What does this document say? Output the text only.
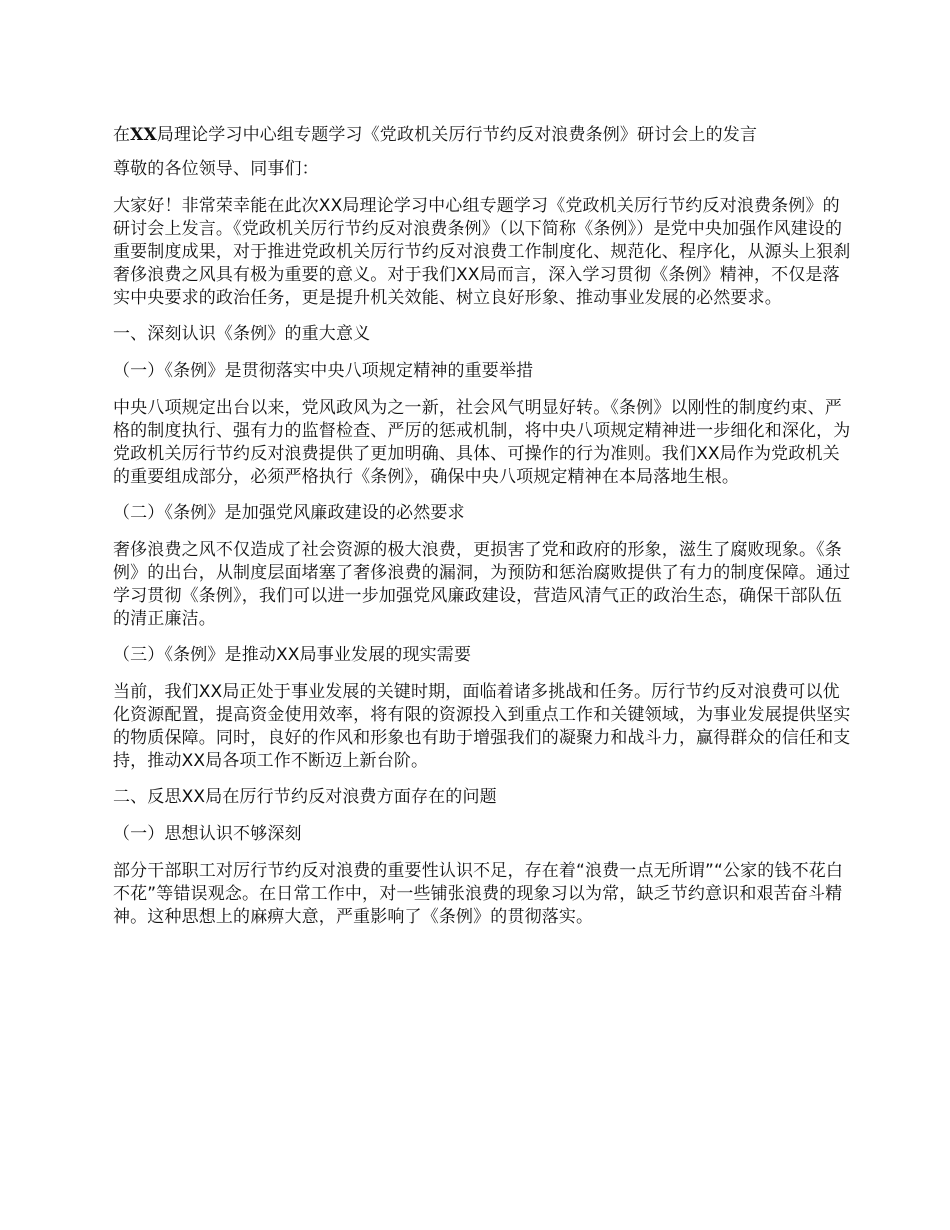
在XX局理论学习中心组专题学习《党政机关厉行节约反对浪费条例》研讨会上的发言

尊敬的各位领导、同事们：

大家好！非常荣幸能在此次XX局理论学习中心组专题学习《党政机关厉行节约反对浪费条例》的研讨会上发言。《党政机关厉行节约反对浪费条例》（以下简称《条例》）是党中央加强作风建设的重要制度成果，对于推进党政机关厉行节约反对浪费工作制度化、规范化、程序化，从源头上狠刹奢侈浪费之风具有极为重要的意义。对于我们XX局而言，深入学习贯彻《条例》精神，不仅是落实中央要求的政治任务，更是提升机关效能、树立良好形象、推动事业发展的必然要求。

一、深刻认识《条例》的重大意义

（一）《条例》是贯彻落实中央八项规定精神的重要举措

中央八项规定出台以来，党风政风为之一新，社会风气明显好转。《条例》以刚性的制度约束、严格的制度执行、强有力的监督检查、严厉的惩戒机制，将中央八项规定精神进一步细化和深化，为党政机关厉行节约反对浪费提供了更加明确、具体、可操作的行为准则。我们XX局作为党政机关的重要组成部分，必须严格执行《条例》，确保中央八项规定精神在本局落地生根。

（二）《条例》是加强党风廉政建设的必然要求

奢侈浪费之风不仅造成了社会资源的极大浪费，更损害了党和政府的形象，滋生了腐败现象。《条例》的出台，从制度层面堵塞了奢侈浪费的漏洞，为预防和惩治腐败提供了有力的制度保障。通过学习贯彻《条例》，我们可以进一步加强党风廉政建设，营造风清气正的政治生态，确保干部队伍的清正廉洁。

（三）《条例》是推动XX局事业发展的现实需要

当前，我们XX局正处于事业发展的关键时期，面临着诸多挑战和任务。厉行节约反对浪费可以优化资源配置，提高资金使用效率，将有限的资源投入到重点工作和关键领域，为事业发展提供坚实的物质保障。同时，良好的作风和形象也有助于增强我们的凝聚力和战斗力，赢得群众的信任和支持，推动XX局各项工作不断迈上新台阶。

二、反思XX局在厉行节约反对浪费方面存在的问题

（一）思想认识不够深刻

部分干部职工对厉行节约反对浪费的重要性认识不足，存在着“浪费一点无所谓”“公家的钱不花白不花”等错误观念。在日常工作中，对一些铺张浪费的现象习以为常，缺乏节约意识和艰苦奋斗精神。这种思想上的麻痹大意，严重影响了《条例》的贯彻落实。
